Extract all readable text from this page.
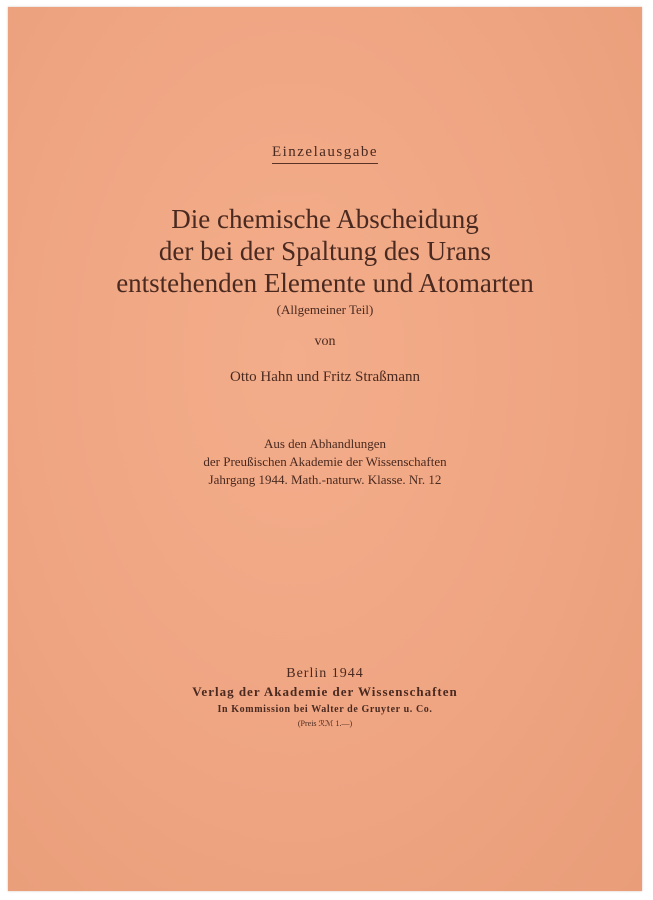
Einzelausgabe
Die chemische Abscheidung
der bei der Spaltung des Urans
entstehenden Elemente und Atomarten
(Allgemeiner Teil)
von
Otto Hahn und Fritz Straßmann
Aus den Abhandlungen
der Preußischen Akademie der Wissenschaften
Jahrgang 1944. Math.-naturw. Klasse. Nr. 12
Berlin 1944
Verlag der Akademie der Wissenschaften
In Kommission bei Walter de Gruyter u. Co.
(Preis ℛℳ 1.—)
